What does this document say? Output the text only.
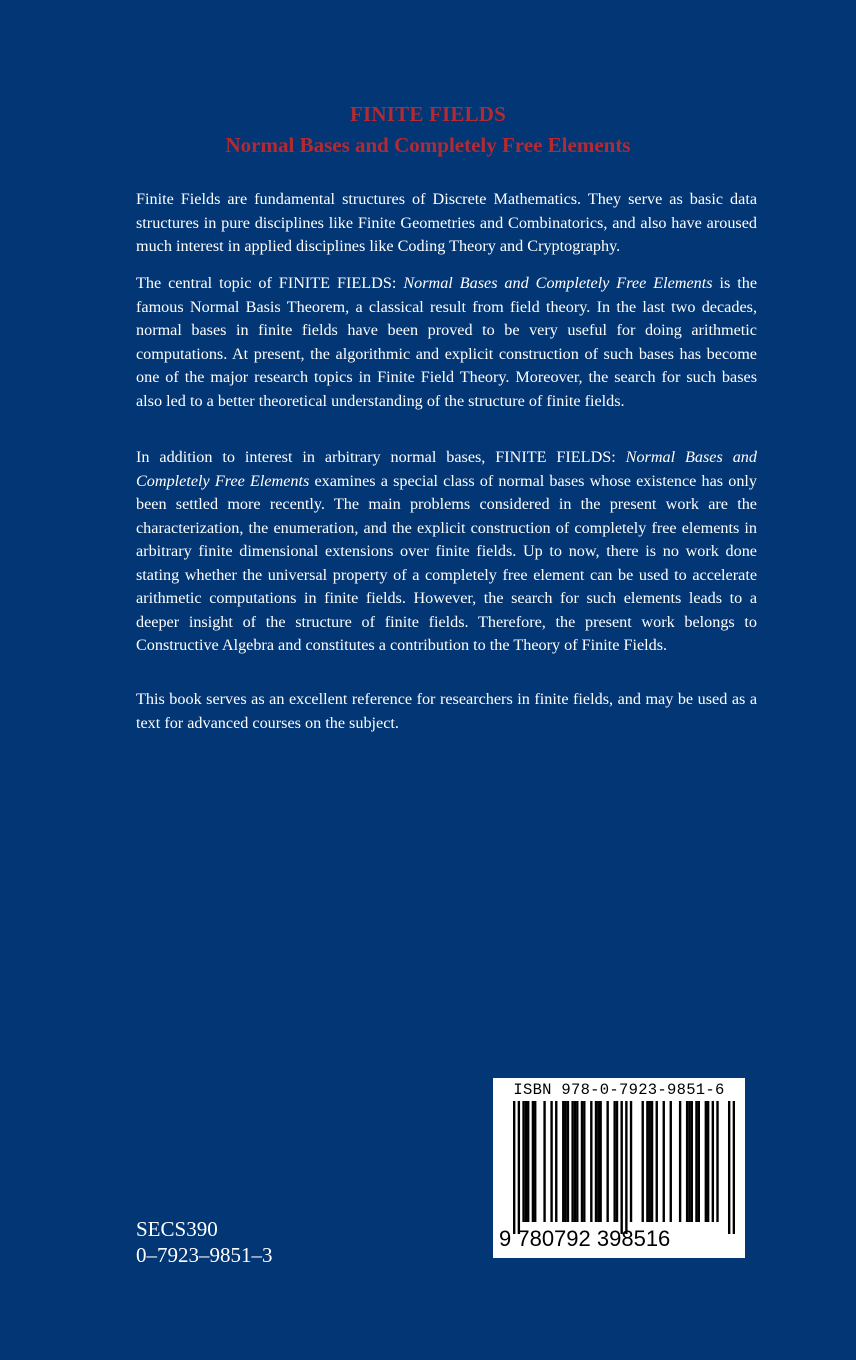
FINITE FIELDS
Normal Bases and Completely Free Elements

Finite Fields are fundamental structures of Discrete Mathematics. They serve as basic data structures in pure disciplines like Finite Geometries and Combinatorics, and also have aroused much interest in applied disciplines like Coding Theory and Cryptography.

The central topic of FINITE FIELDS: Normal Bases and Completely Free Elements is the famous Normal Basis Theorem, a classical result from field theory. In the last two decades, normal bases in finite fields have been proved to be very useful for doing arithmetic computations. At present, the algorithmic and explicit construction of such bases has become one of the major research topics in Finite Field Theory. Moreover, the search for such bases also led to a better theoretical understanding of the structure of finite fields.

In addition to interest in arbitrary normal bases, FINITE FIELDS: Normal Bases and Completely Free Elements examines a special class of normal bases whose existence has only been settled more recently. The main problems considered in the present work are the characterization, the enumeration, and the explicit construction of completely free elements in arbitrary finite dimensional extensions over finite fields. Up to now, there is no work done stating whether the universal property of a completely free element can be used to accelerate arithmetic computations in finite fields. However, the search for such elements leads to a deeper insight of the structure of finite fields. Therefore, the present work belongs to Constructive Algebra and constitutes a contribution to the Theory of Finite Fields.

This book serves as an excellent reference for researchers in finite fields, and may be used as a text for advanced courses on the subject.

SECS390
0–7923–9851–3
ISBN 978-0-7923-9851-6
9 780792 398516
